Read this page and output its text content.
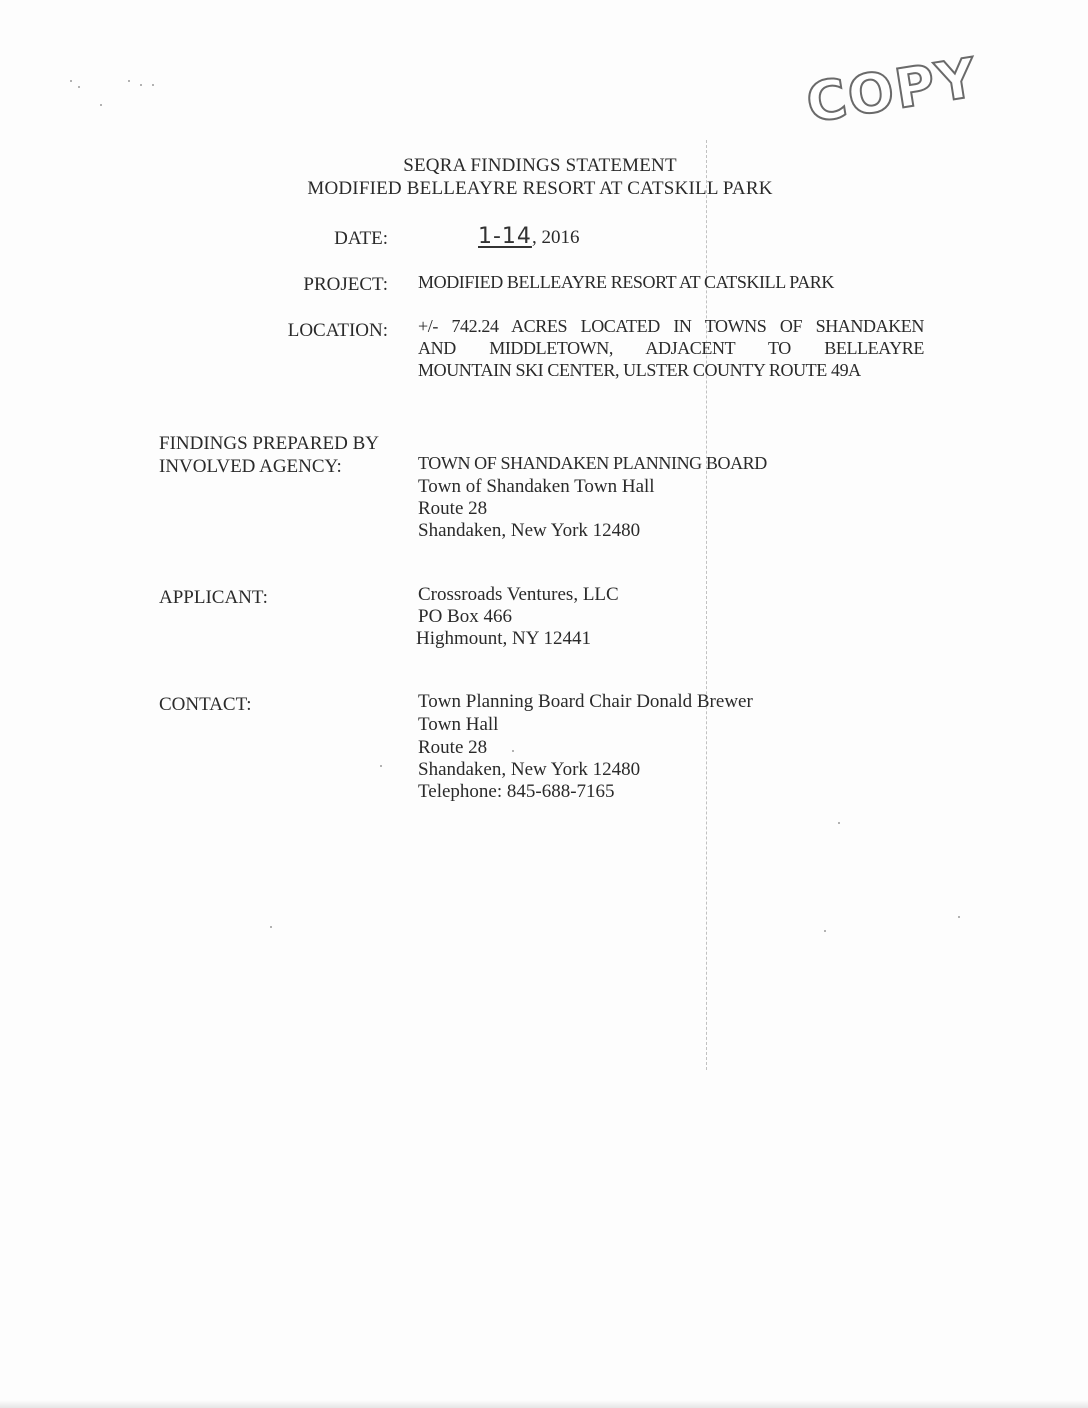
COPY
SEQRA FINDINGS STATEMENT
MODIFIED BELLEAYRE RESORT AT CATSKILL PARK
DATE:	1-14, 2016
PROJECT: MODIFIED BELLEAYRE RESORT AT CATSKILL PARK
LOCATION: +/- 742.24 ACRES LOCATED IN TOWNS OF SHANDAKEN
AND MIDDLETOWN, ADJACENT TO BELLEAYRE
MOUNTAIN SKI CENTER, ULSTER COUNTY ROUTE 49A
FINDINGS PREPARED BY
INVOLVED AGENCY:	TOWN OF SHANDAKEN PLANNING BOARD
Town of Shandaken Town Hall
Route 28
Shandaken, New York 12480
APPLICANT:	Crossroads Ventures, LLC
PO Box 466
Highmount, NY 12441
CONTACT:	Town Planning Board Chair Donald Brewer
Town Hall
Route 28
Shandaken, New York 12480
Telephone: 845-688-7165
